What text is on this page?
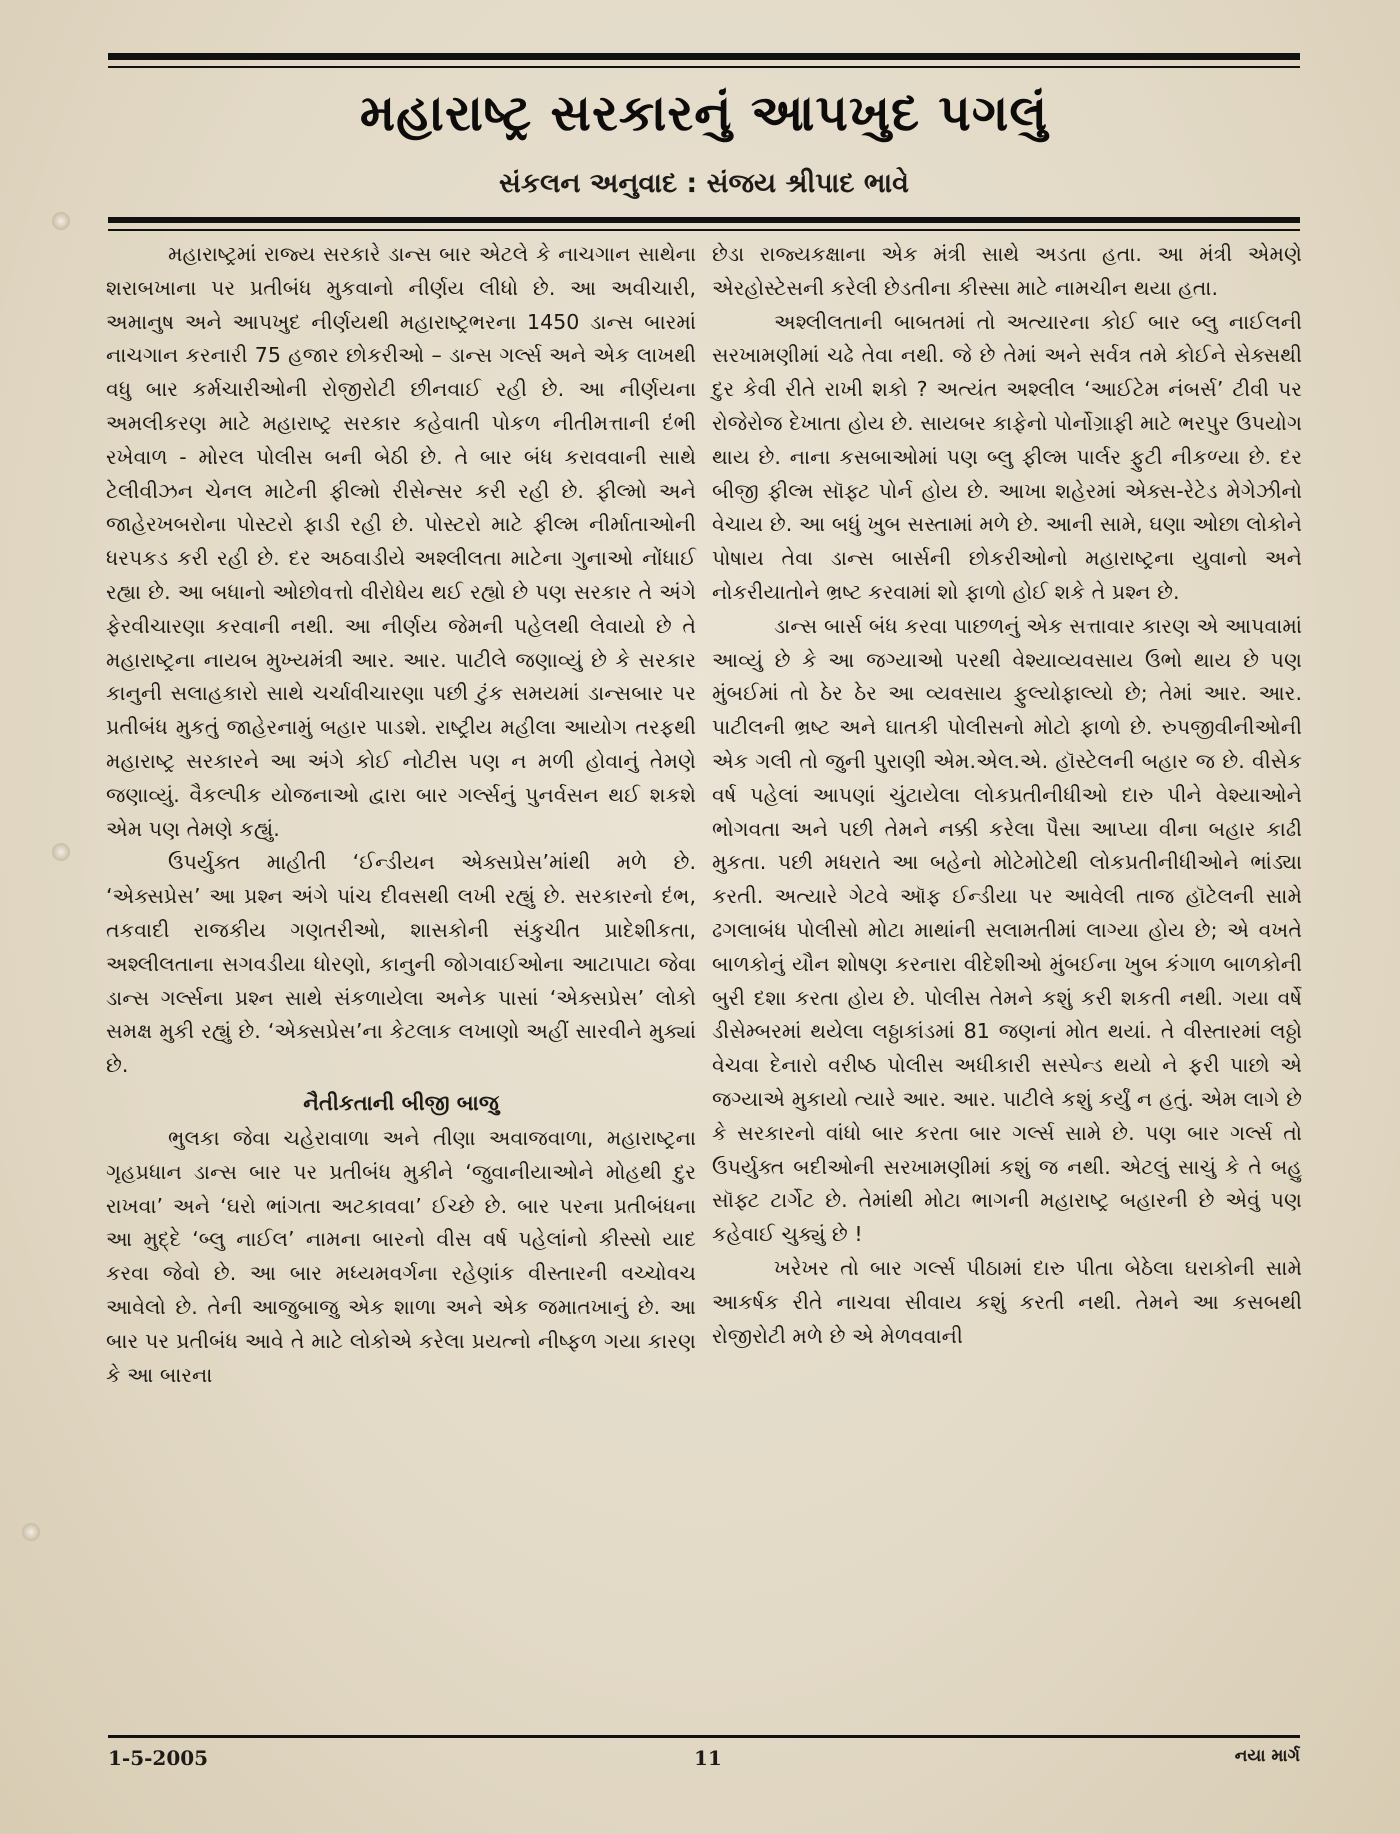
મહારાષ્ટ્ર સરકારનું આપખુદ પગલું
સંકલન અનુવાદ : સંજય શ્રીપાદ ભાવે

મહારાષ્ટ્રમાં રાજ્ય સરકારે ડાન્સ બાર એટલે કે નાચગાન સાથેના શરાબખાના પર પ્રતીબંધ મુકવાનો નીર્ણય લીધો છે. આ અવીચારી, અમાનુષ અને આપખુદ નીર્ણયથી મહારાષ્ટ્રભરના 1450 ડાન્સ બારમાં નાચગાન કરનારી 75 હજાર છોકરીઓ – ડાન્સ ગર્લ્સ અને એક લાખથી વધુ બાર કર્મચારીઓની રોજીરોટી છીનવાઈ રહી છે. આ નીર્ણયના અમલીકરણ માટે મહારાષ્ટ્ર સરકાર કહેવાતી પોકળ નીતીમત્તાની દંભી રખેવાળ - મોરલ પોલીસ બની બેઠી છે. તે બાર બંધ કરાવવાની સાથે ટેલીવીઝન ચેનલ માટેની ફીલ્મો રીસેન્સર કરી રહી છે. ફીલ્મો અને જાહેરખબરોના પોસ્ટરો ફાડી રહી છે. પોસ્ટરો માટે ફીલ્મ નીર્માતાઓની ધરપકડ કરી રહી છે. દર અઠવાડીયે અશ્લીલતા માટેના ગુનાઓ નોંધાઈ રહ્યા છે. આ બધાનો ઓછોવત્તો વીરોધેય થઈ રહ્યો છે પણ સરકાર તે અંગે ફેરવીચારણા કરવાની નથી. આ નીર્ણય જેમની પહેલથી લેવાયો છે તે મહારાષ્ટ્રના નાયબ મુખ્યમંત્રી આર. આર. પાટીલે જણાવ્યું છે કે સરકાર કાનુની સલાહકારો સાથે ચર્ચાવીચારણા પછી ટુંક સમયમાં ડાન્સબાર પર પ્રતીબંધ મુકતું જાહેરનામું બહાર પાડશે. રાષ્ટ્રીય મહીલા આયોગ તરફથી મહારાષ્ટ્ર સરકારને આ અંગે કોઈ નોટીસ પણ ન મળી હોવાનું તેમણે જણાવ્યું. વૈકલ્પીક યોજનાઓ દ્વારા બાર ગર્લ્સનું પુનર્વસન થઈ શકશે એમ પણ તેમણે કહ્યું.

ઉપર્યુક્ત માહીતી ‘ઈન્ડીયન એક્સપ્રેસ’માંથી મળે છે. ‘એક્સપ્રેસ’ આ પ્રશ્ન અંગે પાંચ દીવસથી લખી રહ્યું છે. સરકારનો દંભ, તકવાદી રાજકીય ગણતરીઓ, શાસકોની સંકુચીત પ્રાદેશીકતા, અશ્લીલતાના સગવડીયા ધોરણો, કાનુની જોગવાઈઓના આટાપાટા જેવા ડાન્સ ગર્લ્સના પ્રશ્ન સાથે સંકળાયેલા અનેક પાસાં ‘એક્સપ્રેસ’ લોકો સમક્ષ મુકી રહ્યું છે. ‘એક્સપ્રેસ’ના કેટલાક લખાણો અહીં સારવીને મુક્યાં છે.

નૈતીકતાની બીજી બાજુ

ભુલકા જેવા ચહેરાવાળા અને તીણા અવાજવાળા, મહારાષ્ટ્રના ગૃહપ્રધાન ડાન્સ બાર પર પ્રતીબંધ મુકીને ‘જુવાનીયાઓને મોહથી દુર રાખવા’ અને ‘ઘરો ભાંગતા અટકાવવા’ ઈચ્છે છે. બાર પરના પ્રતીબંધના આ મુદ્દે ‘બ્લુ નાઈલ’ નામના બારનો વીસ વર્ષ પહેલાંનો કીસ્સો યાદ કરવા જેવો છે. આ બાર મધ્યમવર્ગના રહેણાંક વીસ્તારની વચ્ચોવચ આવેલો છે. તેની આજુબાજુ એક શાળા અને એક જમાતખાનું છે. આ બાર પર પ્રતીબંધ આવે તે માટે લોકોએ કરેલા પ્રયત્નો નીષ્ફળ ગયા કારણ કે આ બારના

છેડા રાજ્યકક્ષાના એક મંત્રી સાથે અડતા હતા. આ મંત્રી એમણે એરહોસ્ટેસની કરેલી છેડતીના કીસ્સા માટે નામચીન થયા હતા.

અશ્લીલતાની બાબતમાં તો અત્યારના કોઈ બાર બ્લુ નાઈલની સરખામણીમાં ચઢે તેવા નથી. જે છે તેમાં અને સર્વત્ર તમે કોઈને સેક્સથી દુર કેવી રીતે રાખી શકો ? અત્યંત અશ્લીલ ‘આઈટેમ નંબર્સ’ ટીવી પર રોજેરોજ દેખાતા હોય છે. સાયબર કાફેનો પોર્નોગ્રાફી માટે ભરપુર ઉપયોગ થાય છે. નાના કસબાઓમાં પણ બ્લુ ફીલ્મ પાર્લર ફુટી નીકળ્યા છે. દર બીજી ફીલ્મ સૉફ્ટ પોર્ન હોય છે. આખા શહેરમાં એક્સ-રેટેડ મેગેઝીનો વેચાય છે. આ બધું ખુબ સસ્તામાં મળે છે. આની સામે, ઘણા ઓછા લોકોને પોષાય તેવા ડાન્સ બાર્સની છોકરીઓનો મહારાષ્ટ્રના યુવાનો અને નોકરીયાતોને ભ્રષ્ટ કરવામાં શો ફાળો હોઈ શકે તે પ્રશ્ન છે.

ડાન્સ બાર્સ બંધ કરવા પાછળનું એક સત્તાવાર કારણ એ આપવામાં આવ્યું છે કે આ જગ્યાઓ પરથી વેશ્યાવ્યવસાય ઉભો થાય છે પણ મુંબઈમાં તો ઠેર ઠેર આ વ્યવસાય ફુલ્યોફાલ્યો છે; તેમાં આર. આર. પાટીલની ભ્રષ્ટ અને ઘાતકી પોલીસનો મોટો ફાળો છે. રુપજીવીનીઓની એક ગલી તો જુની પુરાણી એમ.એલ.એ. હૉસ્ટેલની બહાર જ છે. વીસેક વર્ષ પહેલાં આપણાં ચુંટાયેલા લોકપ્રતીનીધીઓ દારુ પીને વેશ્યાઓને ભોગવતા અને પછી તેમને નક્કી કરેલા પૈસા આપ્યા વીના બહાર કાઢી મુકતા. પછી મધરાતે આ બહેનો મોટેમોટેથી લોકપ્રતીનીધીઓને ભાંડ્યા કરતી. અત્યારે ગેટવે ઑફ ઈન્ડીયા પર આવેલી તાજ હૉટેલની સામે ઢગલાબંધ પોલીસો મોટા માથાંની સલામતીમાં લાગ્યા હોય છે; એ વખતે બાળકોનું યૌન શોષણ કરનારા વીદેશીઓ મુંબઈના ખુબ કંગાળ બાળકોની બુરી દશા કરતા હોય છે. પોલીસ તેમને કશું કરી શકતી નથી. ગયા વર્ષે ડીસેમ્બરમાં થયેલા લઠ્ઠાકાંડમાં 81 જણનાં મોત થયાં. તે વીસ્તારમાં લઠ્ઠો વેચવા દેનારો વરીષ્ઠ પોલીસ અધીકારી સસ્પેન્ડ થયો ને ફરી પાછો એ જગ્યાએ મુકાયો ત્યારે આર. આર. પાટીલે કશું કર્યું ન હતું. એમ લાગે છે કે સરકારનો વાંધો બાર કરતા બાર ગર્લ્સ સામે છે. પણ બાર ગર્લ્સ તો ઉપર્યુક્ત બદીઓની સરખામણીમાં કશું જ નથી. એટલું સાચું કે તે બહુ સૉફ્ટ ટાર્ગેટ છે. તેમાંથી મોટા ભાગની મહારાષ્ટ્ર બહારની છે એવું પણ કહેવાઈ ચુક્યું છે !

ખરેખર તો બાર ગર્લ્સ પીઠામાં દારુ પીતા બેઠેલા ઘરાકોની સામે આકર્ષક રીતે નાચવા સીવાય કશું કરતી નથી. તેમને આ કસબથી રોજીરોટી મળે છે એ મેળવવાની

1-5-2005	11	નયા માર્ગ
